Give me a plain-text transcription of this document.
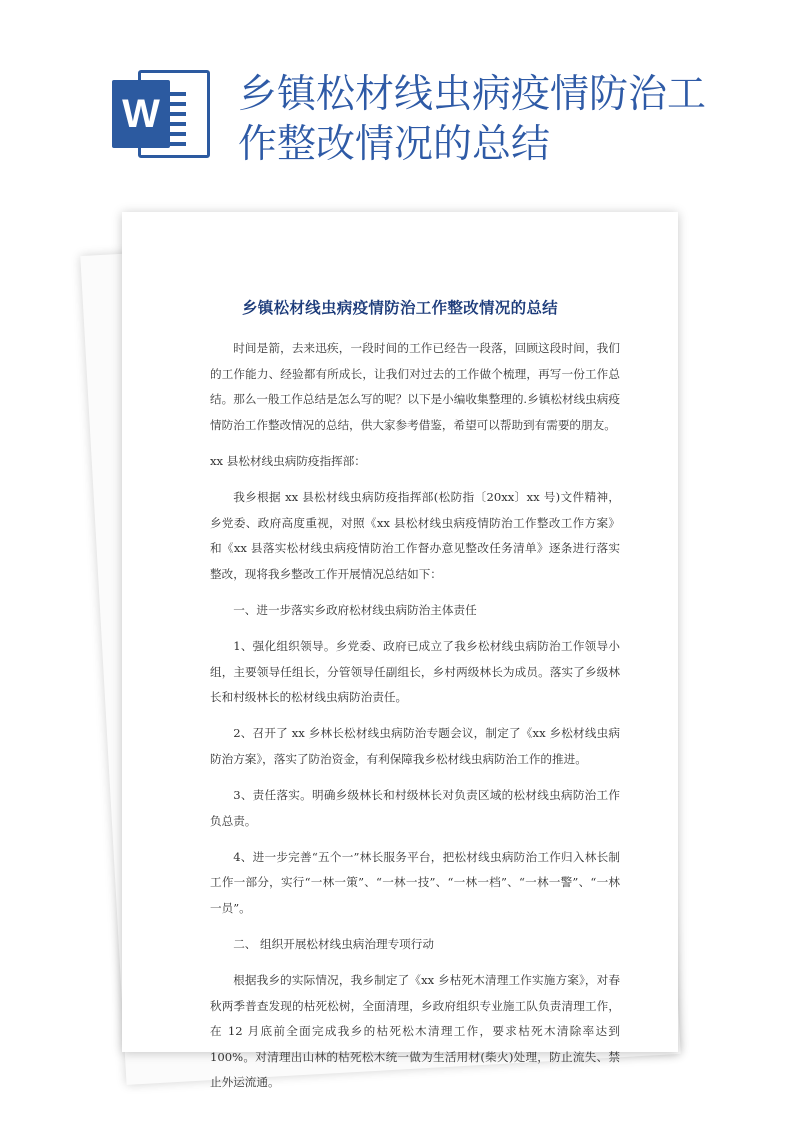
W 乡镇松材线虫病疫情防治工作整改情况的总结
乡镇松材线虫病疫情防治工作整改情况的总结

时间是箭，去来迅疾，一段时间的工作已经告一段落，回顾这段时间，我们的工作能力、经验都有所成长，让我们对过去的工作做个梳理，再写一份工作总结。那么一般工作总结是怎么写的呢？以下是小编收集整理的.乡镇松材线虫病疫情防治工作整改情况的总结，供大家参考借鉴，希望可以帮助到有需要的朋友。

xx 县松材线虫病防疫指挥部：

我乡根据 xx 县松材线虫病防疫指挥部(松防指〔20xx〕xx 号)文件精神，乡党委、政府高度重视，对照《xx 县松材线虫病疫情防治工作整改工作方案》和《xx 县落实松材线虫病疫情防治工作督办意见整改任务清单》逐条进行落实整改，现将我乡整改工作开展情况总结如下：

一、进一步落实乡政府松材线虫病防治主体责任

1、强化组织领导。乡党委、政府已成立了我乡松材线虫病防治工作领导小组，主要领导任组长，分管领导任副组长，乡村两级林长为成员。落实了乡级林长和村级林长的松材线虫病防治责任。

2、召开了 xx 乡林长松材线虫病防治专题会议，制定了《xx 乡松材线虫病防治方案》，落实了防治资金，有利保障我乡松材线虫病防治工作的推进。

3、责任落实。明确乡级林长和村级林长对负责区域的松材线虫病防治工作负总责。

4、进一步完善“五个一”林长服务平台，把松材线虫病防治工作归入林长制工作一部分，实行“一林一策”、“一林一技”、“一林一档”、“一林一警”、“一林一员”。

二、 组织开展松材线虫病治理专项行动

根据我乡的实际情况，我乡制定了《xx 乡枯死木清理工作实施方案》，对春秋两季普查发现的枯死松树，全面清理，乡政府组织专业施工队负责清理工作，在 12 月底前全面完成我乡的枯死松木清理工作，要求枯死木清除率达到 100%。对清理出山林的枯死松木统一做为生活用材(柴火)处理，防止流失、禁止外运流通。
